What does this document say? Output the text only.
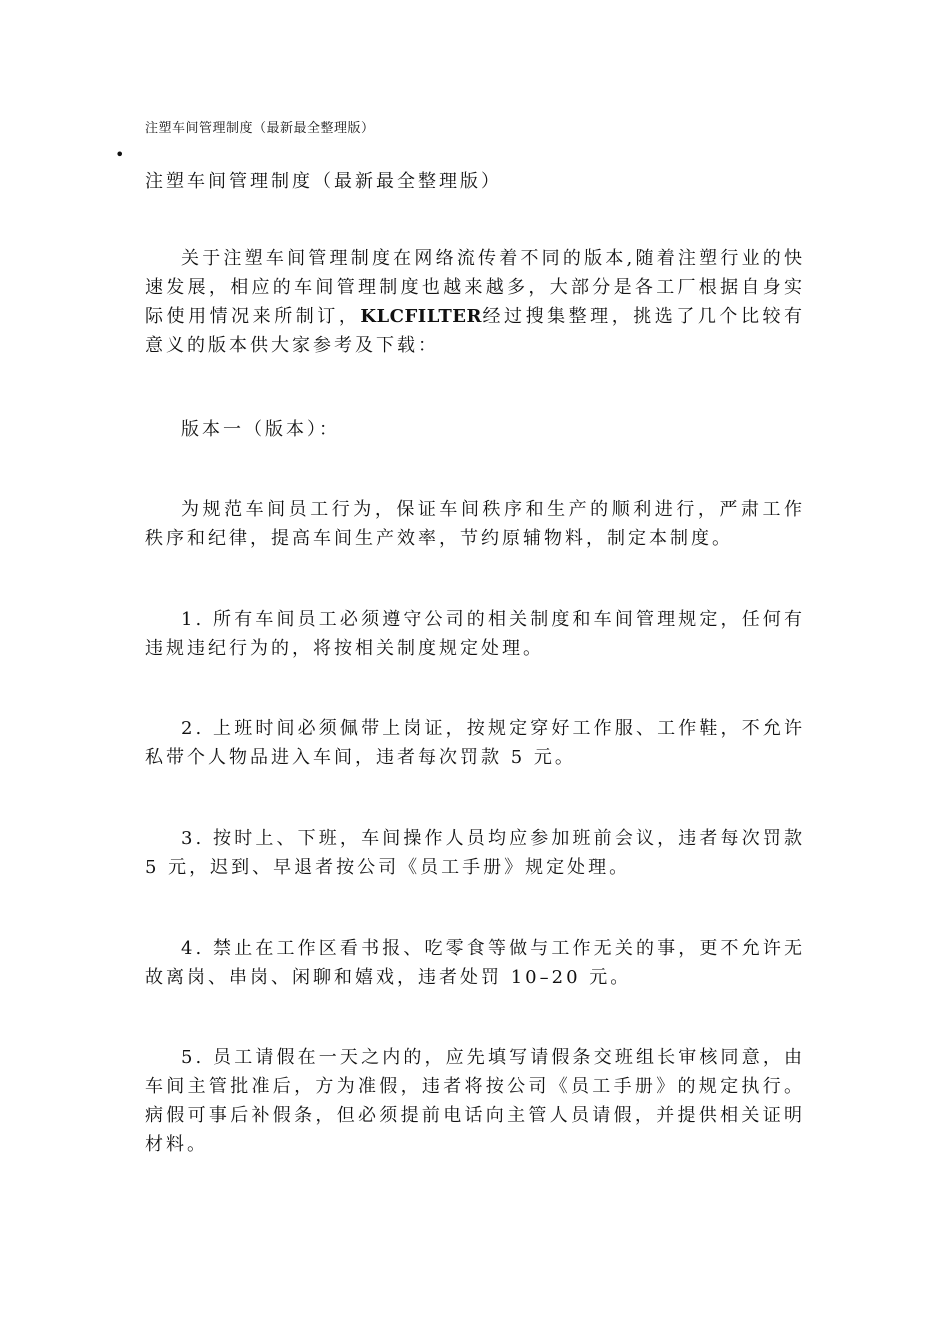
注塑车间管理制度（最新最全整理版）
•
注塑车间管理制度（最新最全整理版）

关于注塑车间管理制度在网络流传着不同的版本,随着注塑行业的快速发展，相应的车间管理制度也越来越多，大部分是各工厂根据自身实际使用情况来所制订，KLCFILTER经过搜集整理，挑选了几个比较有意义的版本供大家参考及下载：

版本一（版本）：

为规范车间员工行为，保证车间秩序和生产的顺利进行，严肃工作秩序和纪律，提高车间生产效率，节约原辅物料，制定本制度。

1. 所有车间员工必须遵守公司的相关制度和车间管理规定，任何有违规违纪行为的，将按相关制度规定处理。

2. 上班时间必须佩带上岗证，按规定穿好工作服、工作鞋，不允许私带个人物品进入车间，违者每次罚款 5 元。

3. 按时上、下班，车间操作人员均应参加班前会议，违者每次罚款 5 元，迟到、早退者按公司《员工手册》规定处理。

4. 禁止在工作区看书报、吃零食等做与工作无关的事，更不允许无故离岗、串岗、闲聊和嬉戏，违者处罚 10–20 元。

5. 员工请假在一天之内的，应先填写请假条交班组长审核同意，由车间主管批准后，方为准假，违者将按公司《员工手册》的规定执行。病假可事后补假条，但必须提前电话向主管人员请假，并提供相关证明材料。
